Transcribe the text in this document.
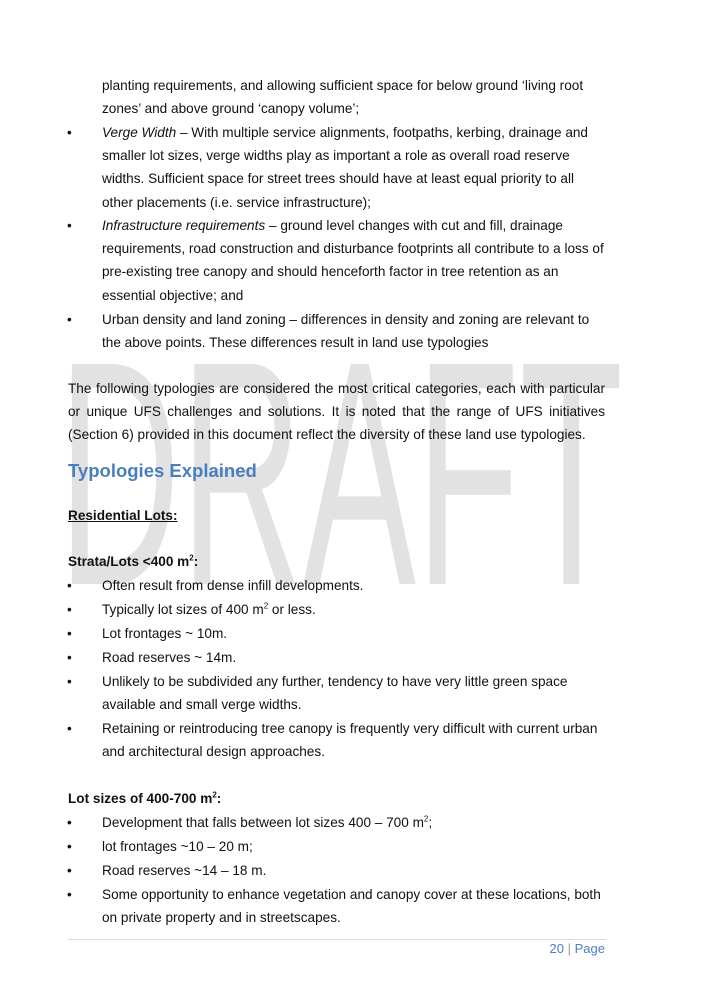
DRAFT
planting requirements, and allowing sufficient space for below ground ‘living root
zones’ and above ground ‘canopy volume’;
• Verge Width – With multiple service alignments, footpaths, kerbing, drainage and
smaller lot sizes, verge widths play as important a role as overall road reserve
widths. Sufficient space for street trees should have at least equal priority to all
other placements (i.e. service infrastructure);
• Infrastructure requirements – ground level changes with cut and fill, drainage
requirements, road construction and disturbance footprints all contribute to a loss of
pre-existing tree canopy and should henceforth factor in tree retention as an
essential objective; and
• Urban density and land zoning – differences in density and zoning are relevant to
the above points. These differences result in land use typologies
The following typologies are considered the most critical categories, each with particular
or unique UFS challenges and solutions. It is noted that the range of UFS initiatives
(Section 6) provided in this document reflect the diversity of these land use typologies.
Typologies Explained
Residential Lots:
Strata/Lots <400 $m^2$:
• Often result from dense infill developments.
• Typically lot sizes of 400 $m^2$ or less.
• Lot frontages ~ 10m.
• Road reserves ~ 14m.
• Unlikely to be subdivided any further, tendency to have very little green space
available and small verge widths.
• Retaining or reintroducing tree canopy is frequently very difficult with current urban
and architectural design approaches.
Lot sizes of 400-700 $m^2$:
• Development that falls between lot sizes 400 – 700 $m^2$;
• lot frontages ~10 – 20 m;
• Road reserves ~14 – 18 m.
• Some opportunity to enhance vegetation and canopy cover at these locations, both
on private property and in streetscapes.
20 | Page
